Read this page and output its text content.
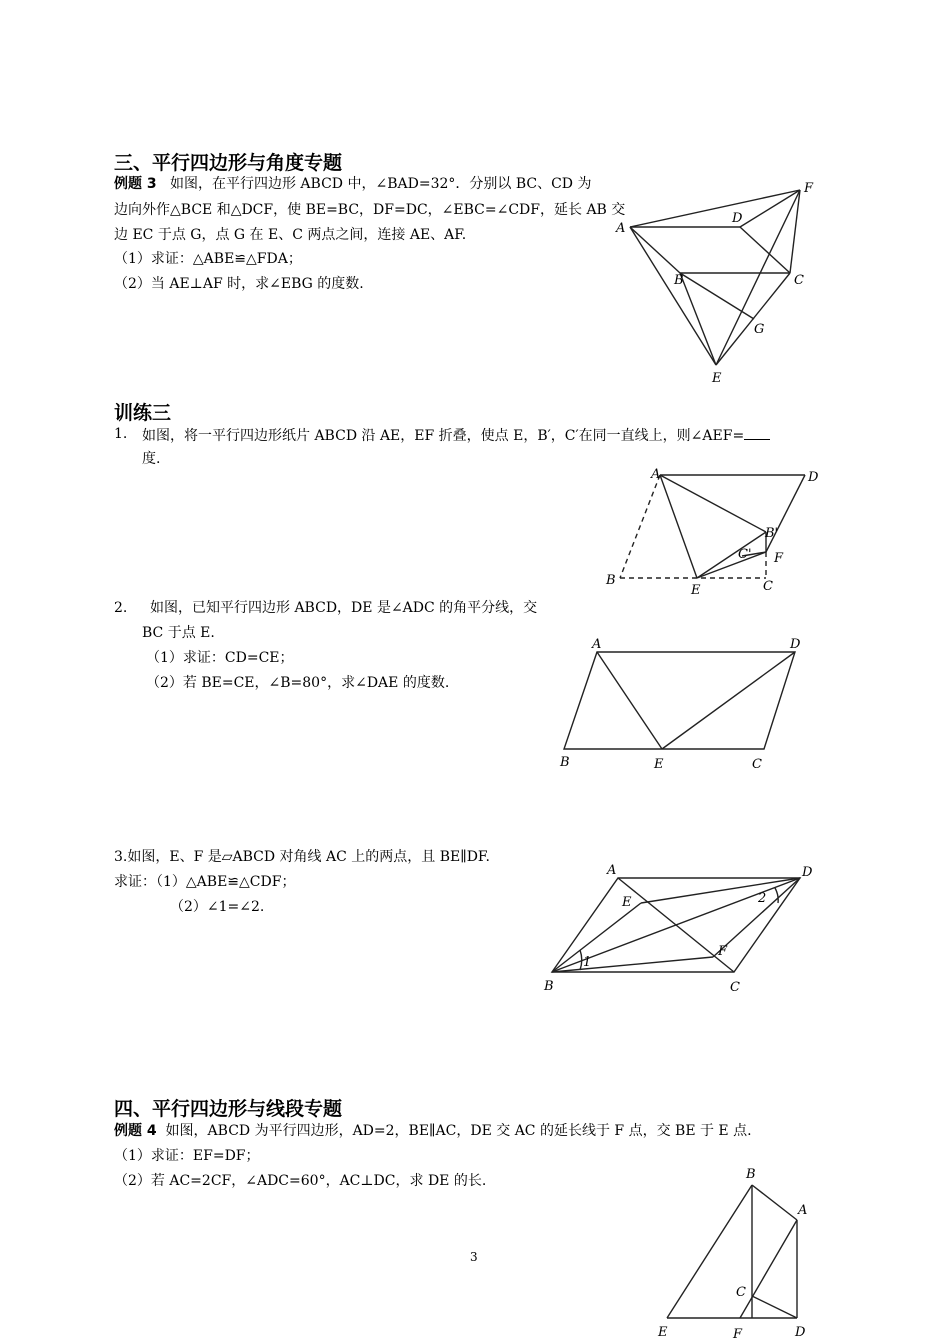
三、平行四边形与角度专题
例题 3 如图，在平行四边形 ABCD 中，∠BAD=32°．分别以 BC、CD 为
边向外作△BCE 和△DCF，使 BE=BC，DF=DC，∠EBC=∠CDF，延长 AB 交
边 EC 于点 G，点 G 在 E、C 两点之间，连接 AE、AF.
（1）求证：△ABE≌△FDA；
（2）当 AE⊥AF 时，求∠EBG 的度数.
A
B	C
D
E
F
G
训练三
1. 如图，将一平行四边形纸片 ABCD 沿 AE，EF 折叠，使点 E，B′，C′在同一直线上，则∠AEF=
度.
A
B
B'
C
C'
D
E
F
2. 如图，已知平行四边形 ABCD，DE 是∠ADC 的角平分线，交
BC 于点 E.
（1）求证：CD=CE；
（2）若 BE=CE，∠B=80°，求∠DAE 的度数.
A
B	C
D
E
3.如图，E、F 是▱ABCD 对角线 AC 上的两点，且 BE∥DF.
求证：（1）△ABE≌△CDF；
（2）∠1=∠2.
A
B	C
D
E
F
1
2
四、平行四边形与线段专题
例题 4 如图，ABCD 为平行四边形，AD=2，BE∥AC，DE 交 AC 的延长线于 F 点，交 BE 于 E 点.
（1）求证：EF=DF；
（2）若 AC=2CF，∠ADC=60°，AC⊥DC，求 DE 的长.	B
A
C
E	F	D
3
